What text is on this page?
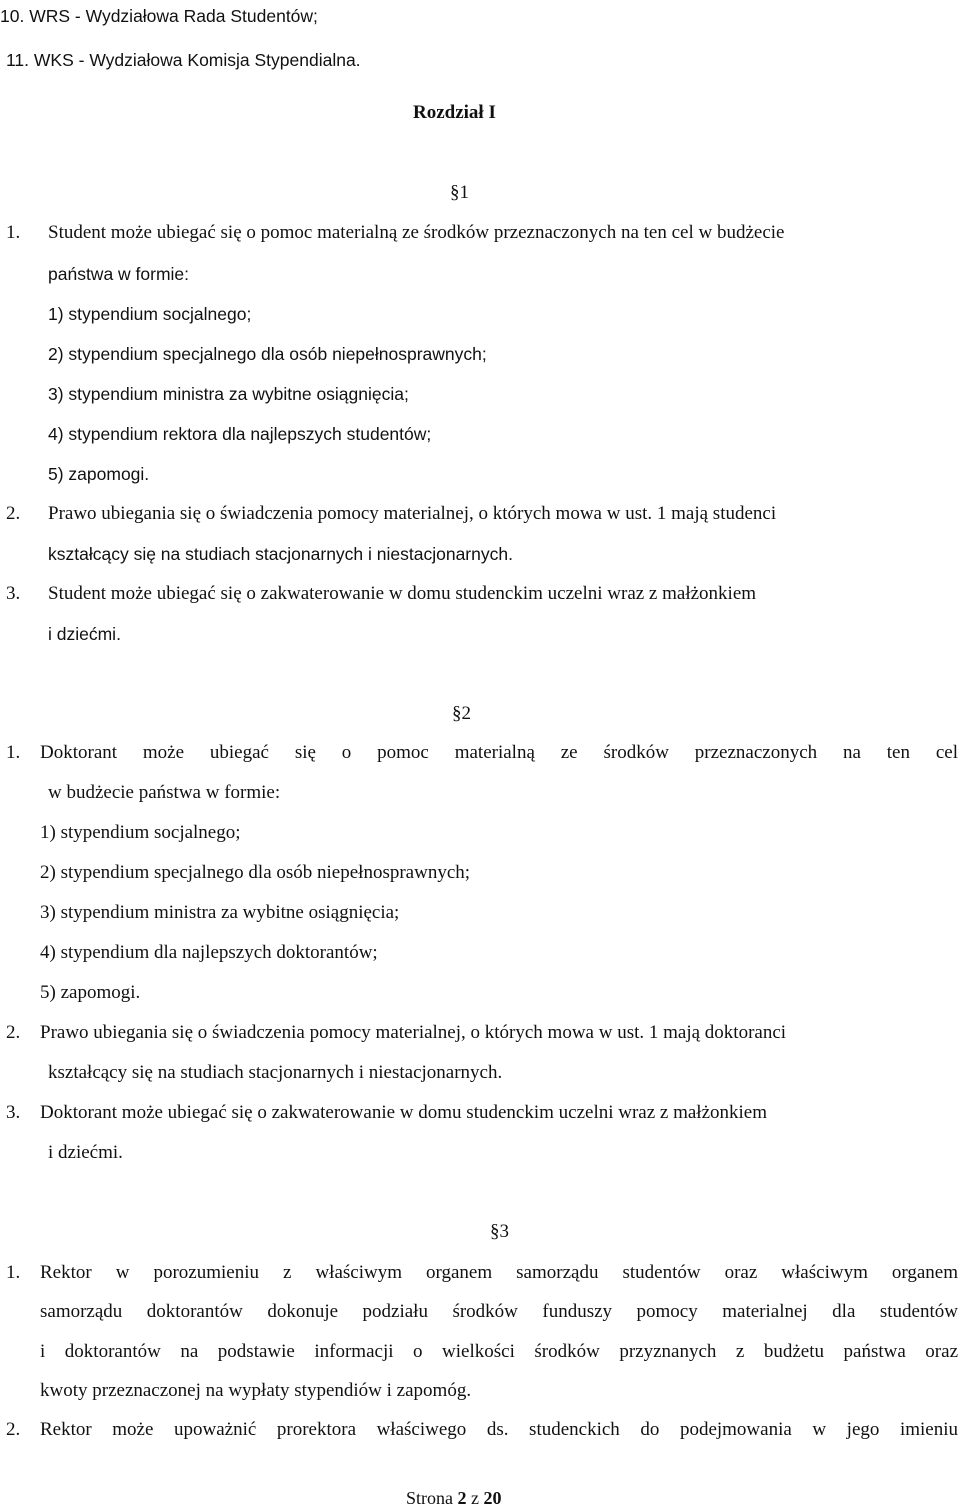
10. WRS - Wydziałowa Rada Studentów;
11. WKS - Wydziałowa Komisja Stypendialna.
Rozdział I
§1
1. Student może ubiegać się o pomoc materialną ze środków przeznaczonych na ten cel w budżecie
państwa w formie:
1) stypendium socjalnego;
2) stypendium specjalnego dla osób niepełnosprawnych;
3) stypendium ministra za wybitne osiągnięcia;
4) stypendium rektora dla najlepszych studentów;
5) zapomogi.
2. Prawo ubiegania się o świadczenia pomocy materialnej, o których mowa w ust. 1 mają studenci
kształcący się na studiach stacjonarnych i niestacjonarnych.
3. Student może ubiegać się o zakwaterowanie w domu studenckim uczelni wraz z małżonkiem
i dziećmi.
§2
1. Doktorant może ubiegać się o pomoc materialną ze środków przeznaczonych na ten cel
w budżecie państwa w formie:
1) stypendium socjalnego;
2) stypendium specjalnego dla osób niepełnosprawnych;
3) stypendium ministra za wybitne osiągnięcia;
4) stypendium dla najlepszych doktorantów;
5) zapomogi.
2. Prawo ubiegania się o świadczenia pomocy materialnej, o których mowa w ust. 1 mają doktoranci
kształcący się na studiach stacjonarnych i niestacjonarnych.
3. Doktorant może ubiegać się o zakwaterowanie w domu studenckim uczelni wraz z małżonkiem
i dziećmi.
§3
1. Rektor w porozumieniu z właściwym organem samorządu studentów oraz właściwym organem
samorządu doktorantów dokonuje podziału środków funduszy pomocy materialnej dla studentów
i doktorantów na podstawie informacji o wielkości środków przyznanych z budżetu państwa oraz
kwoty przeznaczonej na wypłaty stypendiów i zapomóg.
2. Rektor może upoważnić prorektora właściwego ds. studenckich do podejmowania w jego imieniu
Strona 2 z 20
